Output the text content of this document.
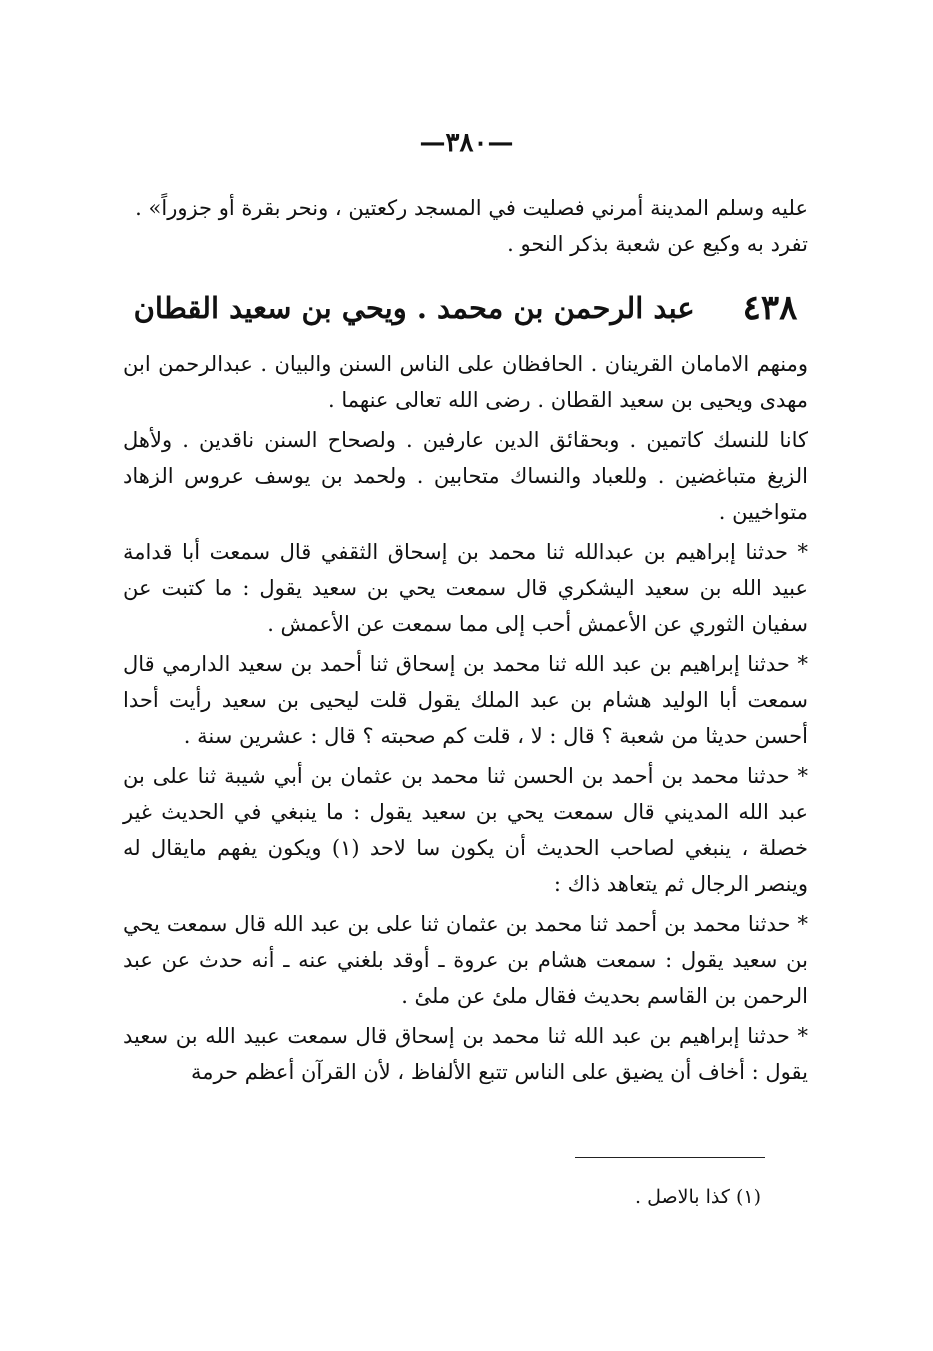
—٣٨٠—

عليه وسلم المدينة أمرني فصليت في المسجد ركعتين ، ونحر بقرة أو جزوراً» .

تفرد به وكيع عن شعبة بذكر النحو .

٤٣٨
عبد الرحمن بن محمد . ويحي بن سعيد القطان

ومنهم الامامان القرينان . الحافظان على الناس السنن والبيان . عبدالرحمن ابن مهدى ويحيى بن سعيد القطان . رضى الله تعالى عنهما .

كانا للنسك كاتمين . وبحقائق الدين عارفين . ولصحاح السنن ناقدين . ولأهل الزيغ متباغضين . وللعباد والنساك متحابين . ولحمد بن يوسف عروس الزهاد متواخيين .

* حدثنا إبراهيم بن عبدالله ثنا محمد بن إسحاق الثقفي قال سمعت أبا قدامة عبيد الله بن سعيد اليشكري قال سمعت يحي بن سعيد يقول : ما كتبت عن سفيان الثوري عن الأعمش أحب إلى مما سمعت عن الأعمش .

* حدثنا إبراهيم بن عبد الله ثنا محمد بن إسحاق ثنا أحمد بن سعيد الدارمي قال سمعت أبا الوليد هشام بن عبد الملك يقول قلت ليحيى بن سعيد رأيت أحدا أحسن حديثا من شعبة ؟ قال : لا ، قلت كم صحبته ؟ قال : عشرين سنة .

* حدثنا محمد بن أحمد بن الحسن ثنا محمد بن عثمان بن أبي شيبة ثنا على بن عبد الله المديني قال سمعت يحي بن سعيد يقول : ما ينبغي في الحديث غير خصلة ، ينبغي لصاحب الحديث أن يكون سا لاحد (١) ويكون يفهم مايقال له وينصر الرجال ثم يتعاهد ذاك :

* حدثنا محمد بن أحمد ثنا محمد بن عثمان ثنا على بن عبد الله قال سمعت يحي بن سعيد يقول : سمعت هشام بن عروة ـ أوقد بلغني عنه ـ أنه حدث عن عبد الرحمن بن القاسم بحديث فقال ملئ عن ملئ .

* حدثنا إبراهيم بن عبد الله ثنا محمد بن إسحاق قال سمعت عبيد الله بن سعيد يقول : أخاف أن يضيق على الناس تتبع الألفاظ ، لأن القرآن أعظم حرمة

(١) كذا بالاصل .
